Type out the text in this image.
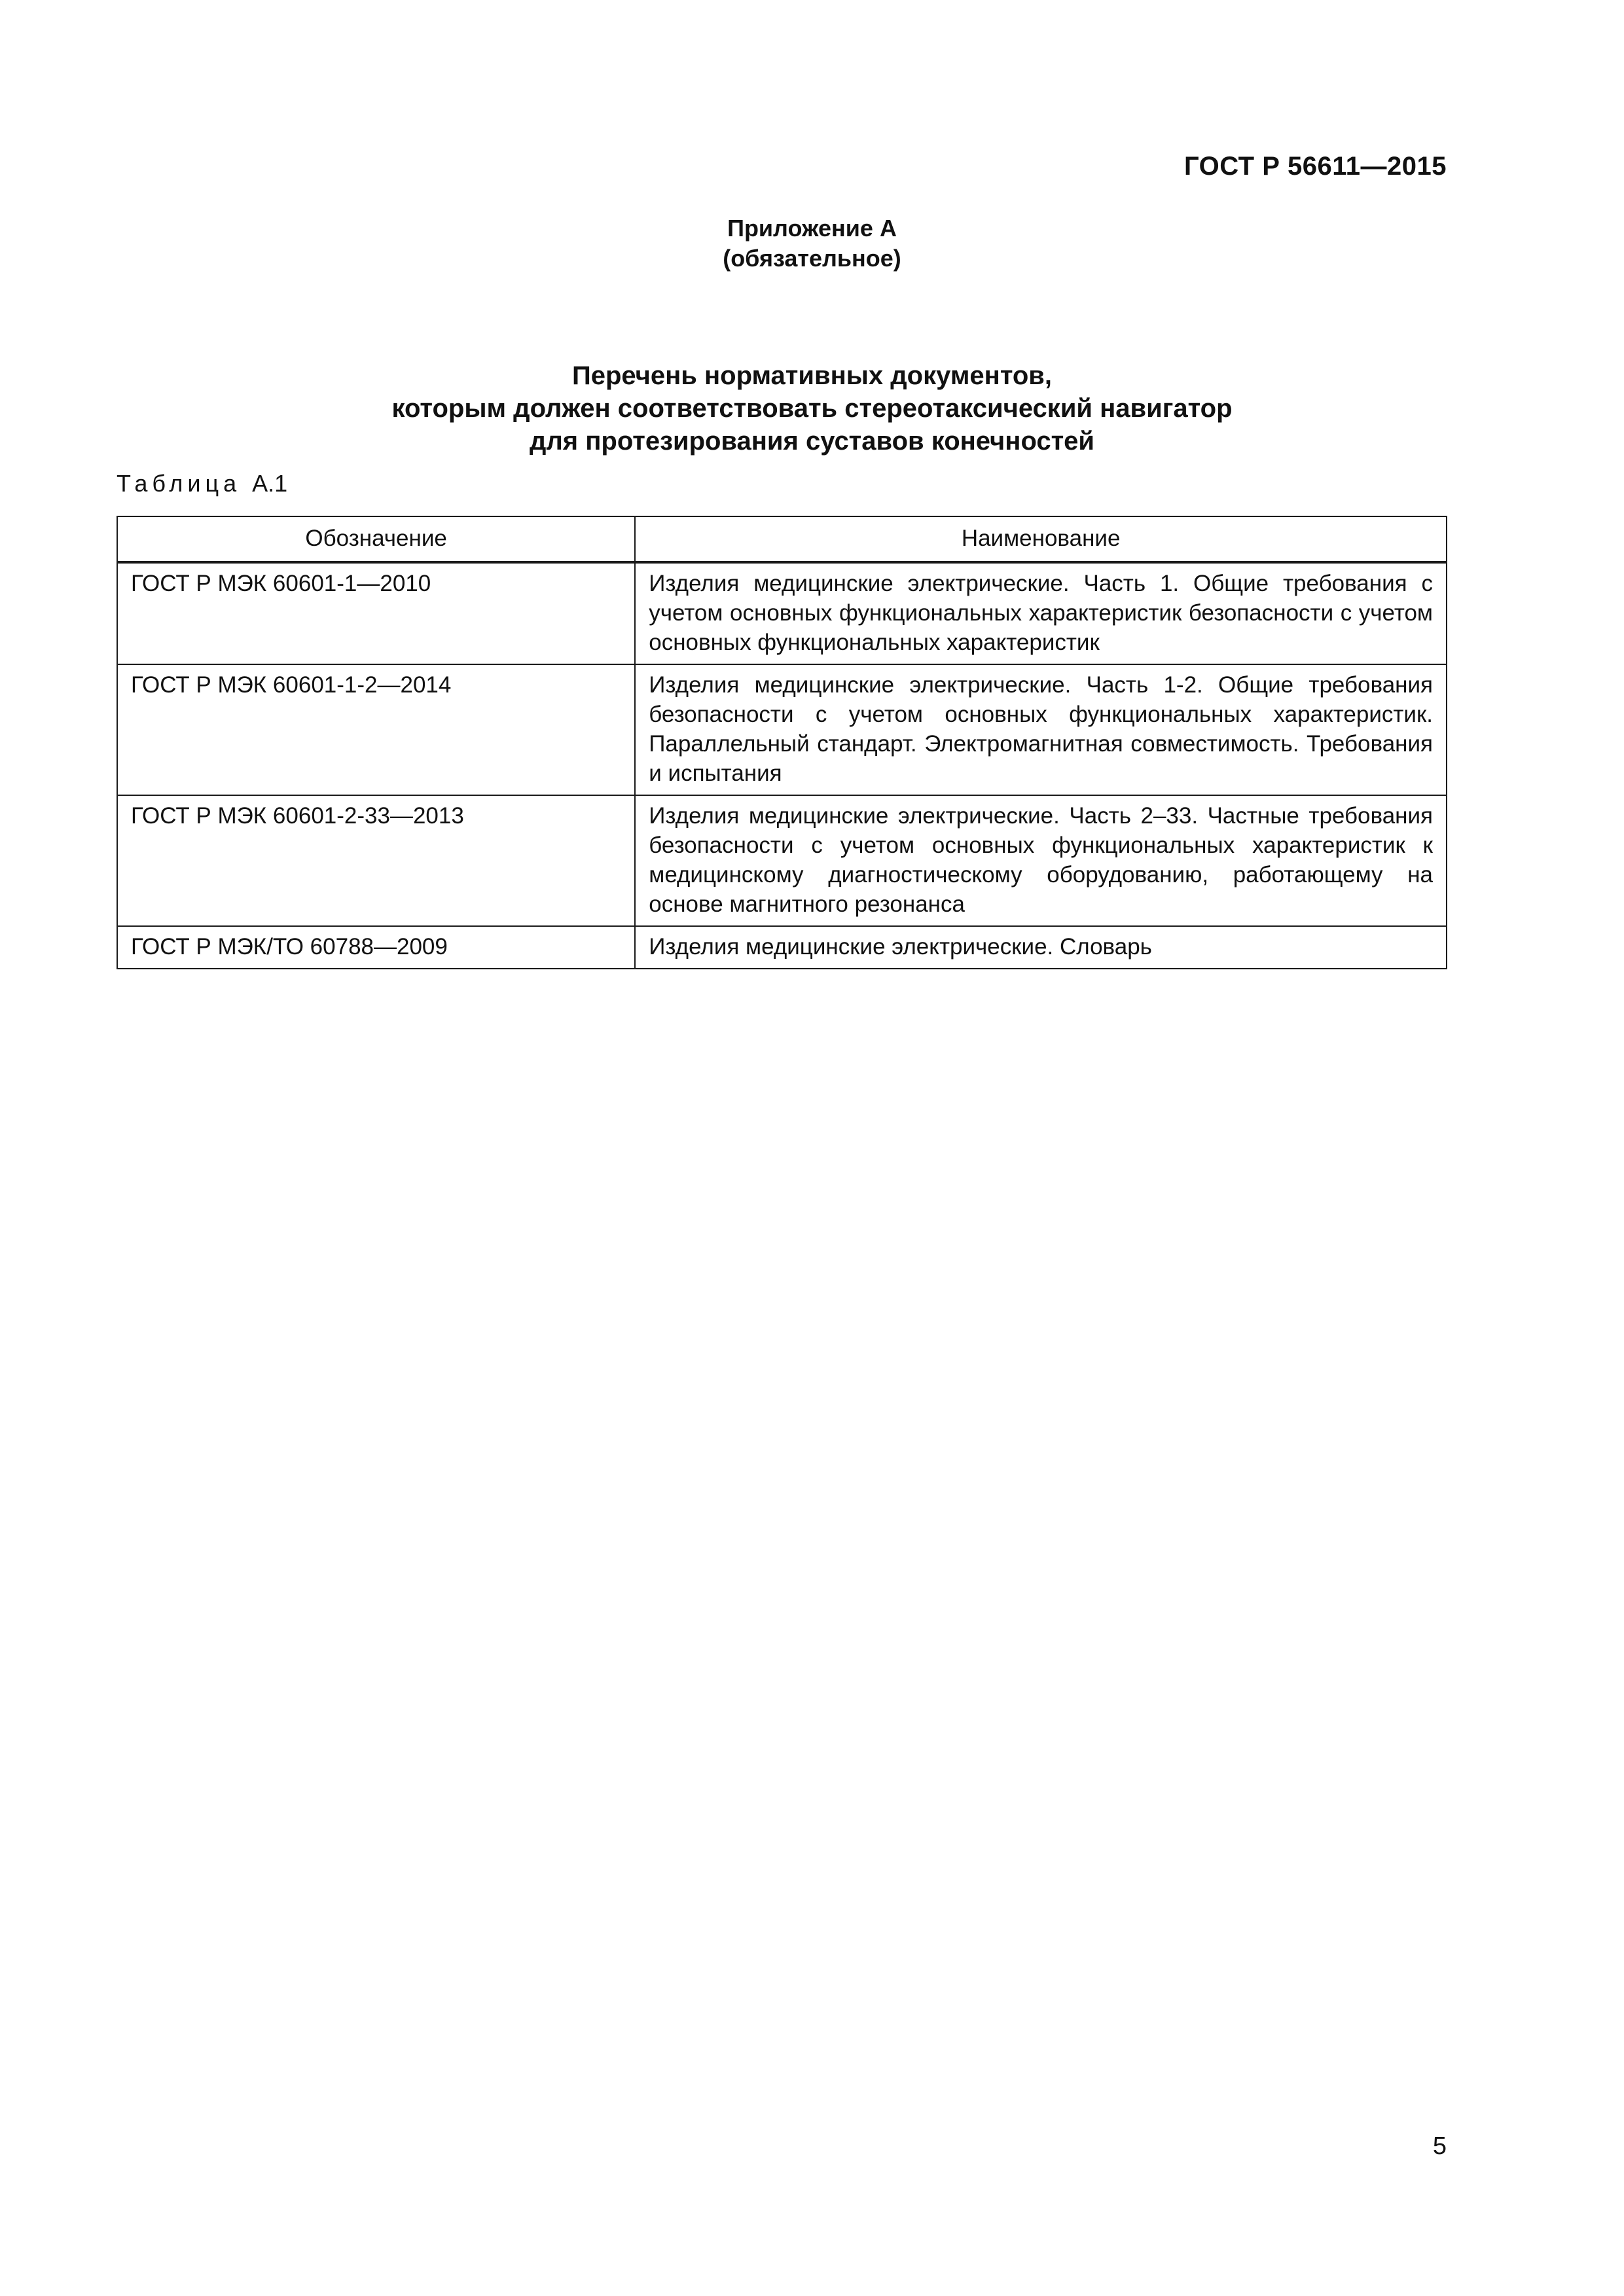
ГОСТ Р 56611—2015
Приложение А
(обязательное)
Перечень нормативных документов,
которым должен соответствовать стереотаксический навигатор
для протезирования суставов конечностей
Таблица А.1
Обозначение	Наименование
ГОСТ Р МЭК 60601-1—2010	Изделия медицинские электрические. Часть 1. Общие требования с учетом основных функциональных характеристик безопасности с учетом основных функциональных характеристик
ГОСТ Р МЭК 60601-1-2—2014	Изделия медицинские электрические. Часть 1-2. Общие требования безопасности с учетом основных функциональных характеристик. Параллельный стандарт. Электромагнитная совместимость. Требования и испытания
ГОСТ Р МЭК 60601-2-33—2013	Изделия медицинские электрические. Часть 2–33. Частные требования безопасности с учетом основных функциональных характеристик к медицинскому диагностическому оборудованию, работающему на основе магнитного резонанса
ГОСТ Р МЭК/ТО 60788—2009	Изделия медицинские электрические. Словарь
5
